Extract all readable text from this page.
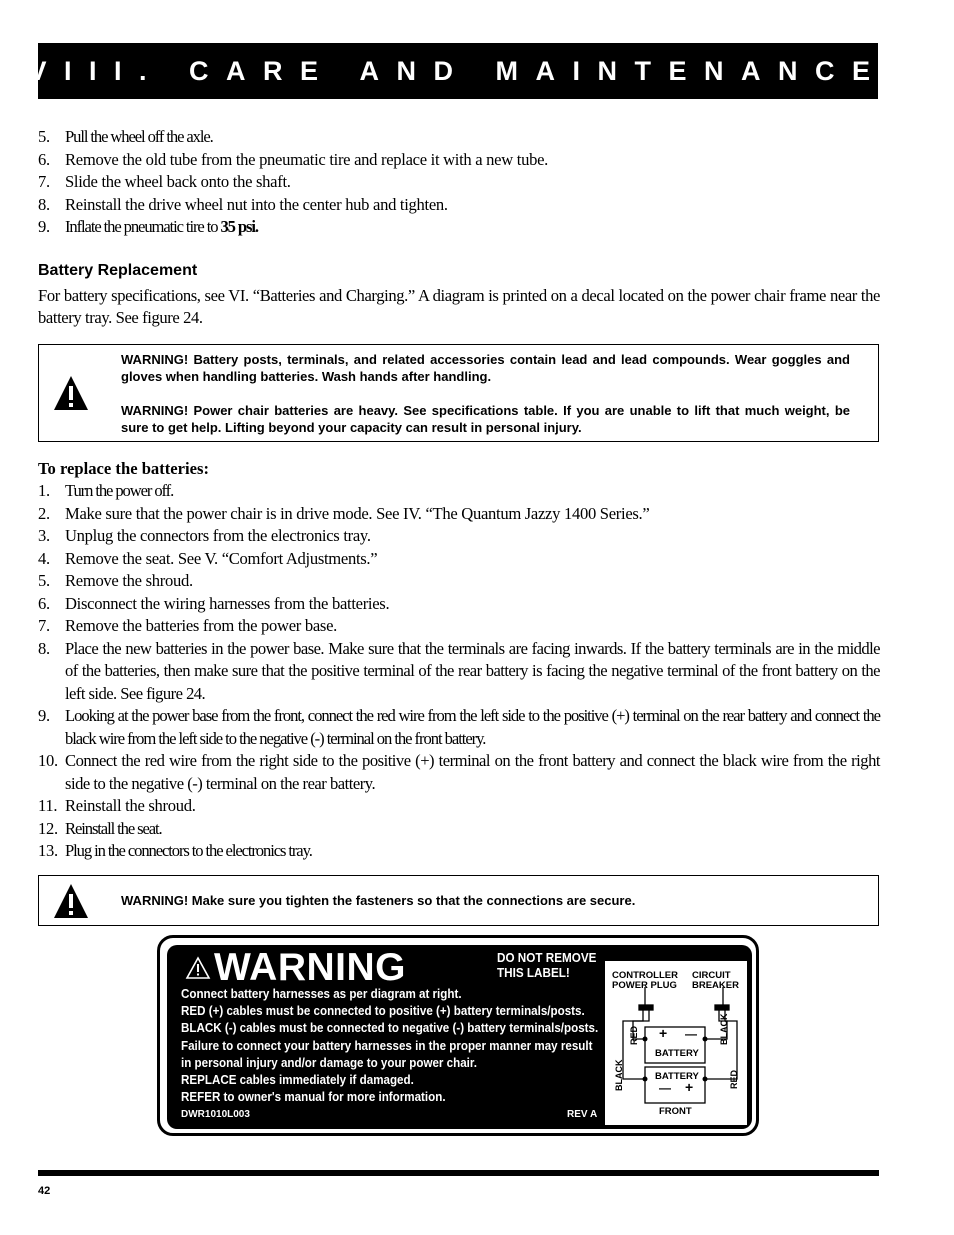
VIII. CARE AND MAINTENANCE
5. Pull the wheel off the axle.
6. Remove the old tube from the pneumatic tire and replace it with a new tube.
7. Slide the wheel back onto the shaft.
8. Reinstall the drive wheel nut into the center hub and tighten.
9. Inflate the pneumatic tire to 35 psi.
Battery Replacement

For battery specifications, see VI. “Batteries and Charging.” A diagram is printed on a decal located on the power chair frame near the battery tray. See figure 24.

WARNING! Battery posts, terminals, and related accessories contain lead and lead compounds. Wear goggles and gloves when handling batteries. Wash hands after handling.

WARNING! Power chair batteries are heavy. See specifications table. If you are unable to lift that much weight, be sure to get help. Lifting beyond your capacity can result in personal injury.

To replace the batteries:
1. Turn the power off.
2. Make sure that the power chair is in drive mode. See IV. “The Quantum Jazzy 1400 Series.”
3. Unplug the connectors from the electronics tray.
4. Remove the seat. See V. “Comfort Adjustments.”
5. Remove the shroud.
6. Disconnect the wiring harnesses from the batteries.
7. Remove the batteries from the power base.
8. Place the new batteries in the power base. Make sure that the terminals are facing inwards. If the battery terminals are in the middle of the batteries, then make sure that the positive terminal of the rear battery is facing the negative terminal of the front battery on the left side. See figure 24.
9. Looking at the power base from the front, connect the red wire from the left side to the positive (+) terminal on the rear battery and connect the black wire from the left side to the negative (-) terminal on the front battery.
10. Connect the red wire from the right side to the positive (+) terminal on the front battery and connect the black wire from the right side to the negative (-) terminal on the rear battery.
11. Reinstall the shroud.
12. Reinstall the seat.
13. Plug in the connectors to the electronics tray.

WARNING! Make sure you tighten the fasteners so that the connections are secure.

WARNING	DO NOT REMOVE
THIS LABEL!
Connect battery harnesses as per diagram at right.
RED (+) cables must be connected to positive (+) battery terminals/posts.
BLACK (-) cables must be connected to negative (-) battery terminals/posts.
Failure to connect your battery harnesses in the proper manner may result
in personal injury and/or damage to your power chair.
REPLACE cables immediately if damaged.
REFER to owner's manual for more information.
DWR1010L003	REV A
CONTROLLER
POWER PLUG
CIRCUIT
BREAKER
RED	BLACK
BLACK	RED
+ —
BATTERY
BATTERY
— +
FRONT
42
